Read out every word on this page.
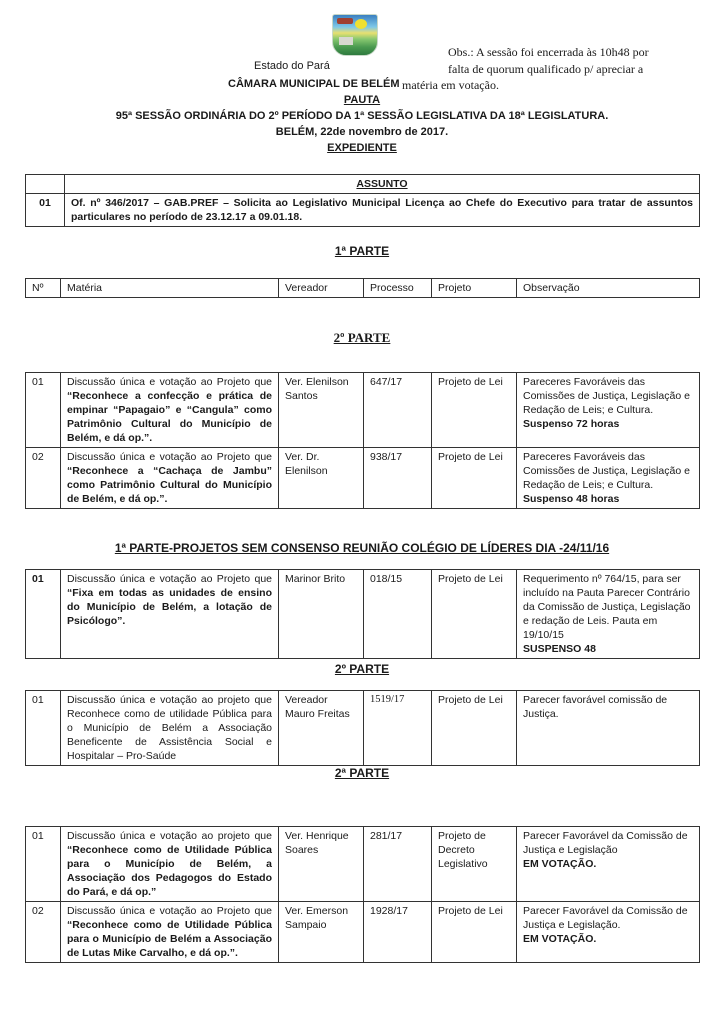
Estado do Pará
Obs.: A sessão foi encerrada às 10h48 por
falta de quorum qualificado p/ apreciar a
CÂMARA MUNICIPAL DE BELÉM matéria em votação.
PAUTA
95ª SESSÃO ORDINÁRIA DO 2º PERÍODO DA 1ª SESSÃO LEGISLATIVA DA 18ª LEGISLATURA.
BELÉM, 22de novembro de 2017.
EXPEDIENTE
	ASSUNTO
01	Of. nº 346/2017 – GAB.PREF – Solicita ao Legislativo Municipal Licença ao Chefe do Executivo para tratar de assuntos particulares no período de 23.12.17 a 09.01.18.
1ª PARTE
Nº	Matéria	Vereador	Processo	Projeto	Observação
2º PARTE
01	Discussão única e votação ao Projeto que “Reconhece a confecção e prática de empinar “Papagaio” e “Cangula” como Patrimônio Cultural do Município de Belém, e dá op.”.	Ver. Elenilson Santos	647/17	Projeto de Lei	Pareceres Favoráveis das Comissões de Justiça, Legislação e Redação de Leis; e Cultura.
Suspenso 72 horas

02	Discussão única e votação ao Projeto que “Reconhece a “Cachaça de Jambu” como Patrimônio Cultural do Município de Belém, e dá op.”.	Ver. Dr. Elenilson	938/17	Projeto de Lei	Pareceres Favoráveis das Comissões de Justiça, Legislação e Redação de Leis; e Cultura.
Suspenso 48 horas
1ª PARTE-PROJETOS SEM CONSENSO REUNIÃO COLÉGIO DE LÍDERES DIA -24/11/16
01	Discussão única e votação ao Projeto que “Fixa em todas as unidades de ensino do Município de Belém, a lotação de Psicólogo”.	Marinor Brito	018/15	Projeto de Lei	Requerimento nº 764/15, para ser incluído na Pauta Parecer Contrário da Comissão de Justiça, Legislação e redação de Leis. Pauta em 19/10/15
SUSPENSO 48
2º PARTE
01	Discussão única e votação ao projeto que Reconhece como de utilidade Pública para o Município de Belém a Associação Beneficente de Assistência Social e Hospitalar – Pro-Saúde	Vereador Mauro Freitas	1519/17	Projeto de Lei	Parecer favorável comissão de Justiça.
2ª PARTE
01	Discussão única e votação ao projeto que “Reconhece como de Utilidade Pública para o Município de Belém, a Associação dos Pedagogos do Estado do Pará, e dá op.”	Ver. Henrique Soares	281/17	Projeto de Decreto Legislativo	Parecer Favorável da Comissão de Justiça e Legislação
EM VOTAÇÃO.

02	Discussão única e votação ao Projeto que “Reconhece como de Utilidade Pública para o Município de Belém a Associação de Lutas Mike Carvalho, e dá op.”.	Ver. Emerson Sampaio	1928/17	Projeto de Lei	Parecer Favorável da Comissão de Justiça e Legislação.
EM VOTAÇÃO.
